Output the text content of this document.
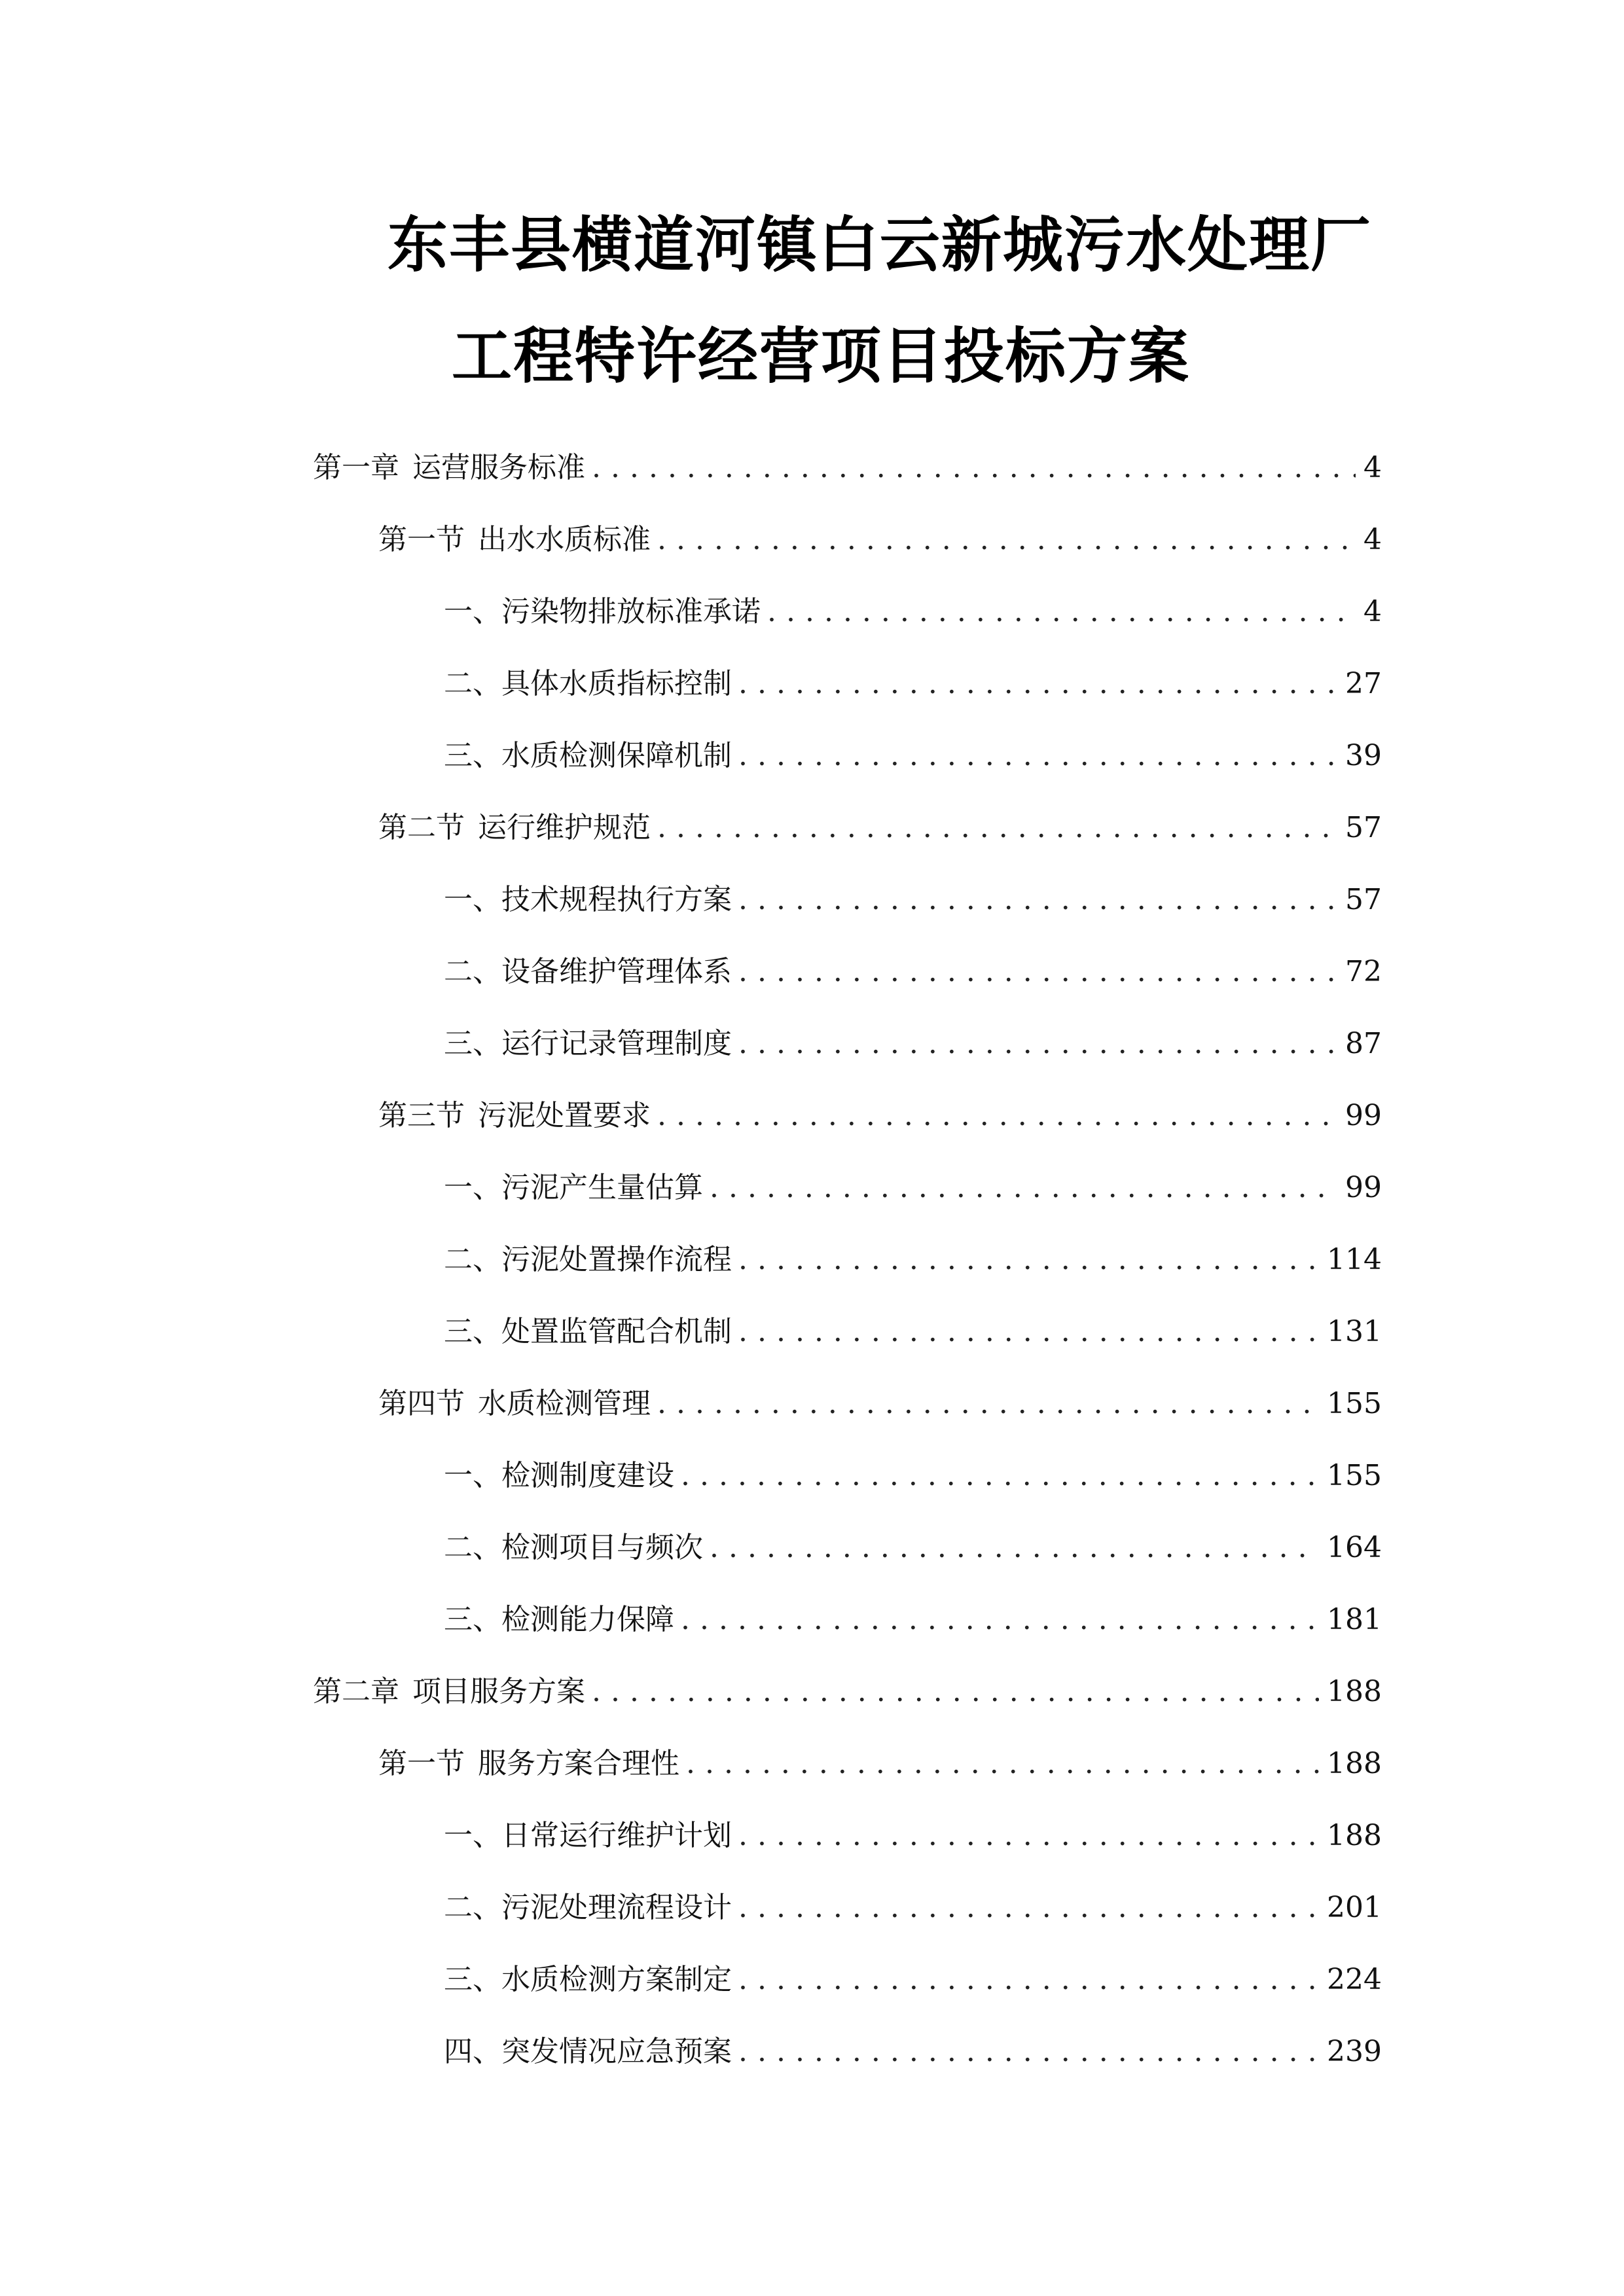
东丰县横道河镇白云新城污水处理厂
工程特许经营项目投标方案
第一章 运营服务标准 .....	4
第一节 出水水质标准 .....	4
一、 污染物排放标准承诺 .....	4
二、 具体水质指标控制 .....	27
三、 水质检测保障机制 .....	39
第二节 运行维护规范 .....	57
一、 技术规程执行方案 .....	57
二、 设备维护管理体系 .....	72
三、 运行记录管理制度 .....	87
第三节 污泥处置要求 .....	99
一、 污泥产生量估算 .....	99
二、 污泥处置操作流程 .....	114
三、 处置监管配合机制 .....	131
第四节 水质检测管理 .....	155
一、 检测制度建设 .....	155
二、 检测项目与频次 .....	164
三、 检测能力保障 .....	181
第二章 项目服务方案 .....	188
第一节 服务方案合理性 .....	188
一、 日常运行维护计划 .....	188
二、 污泥处理流程设计 .....	201
三、 水质检测方案制定 .....	224
四、 突发情况应急预案 .....	239
